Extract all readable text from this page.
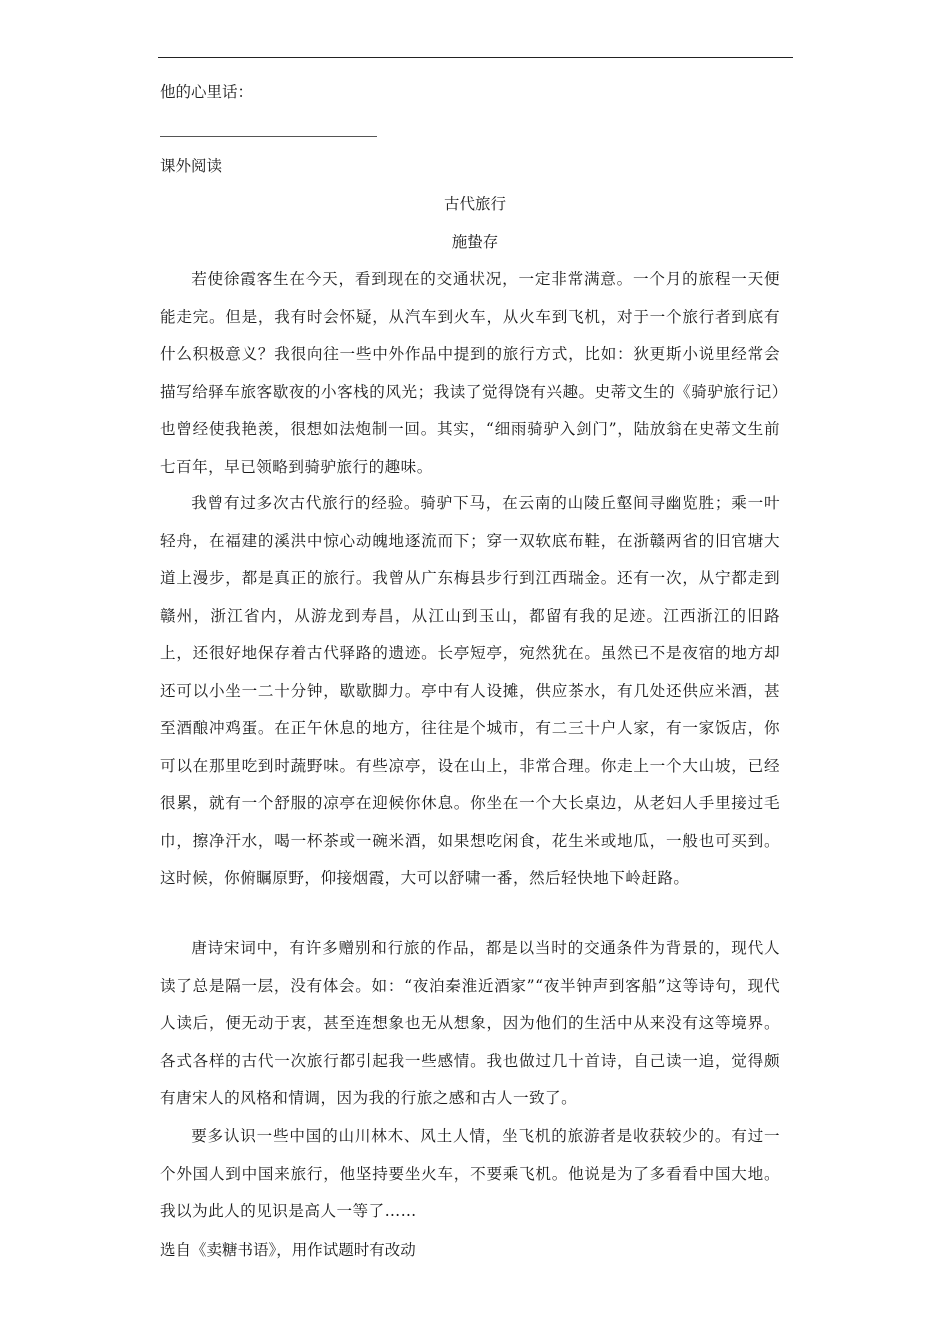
他的心里话：
课外阅读
古代旅行
施蛰存
若使徐霞客生在今天，看到现在的交通状况，一定非常满意。一个月的旅程一天便能走完。但是，我有时会怀疑，从汽车到火车，从火车到飞机，对于一个旅行者到底有什么积极意义？我很向往一些中外作品中提到的旅行方式，比如：狄更斯小说里经常会描写给驿车旅客歇夜的小客栈的风光；我读了觉得饶有兴趣。史蒂文生的《骑驴旅行记）也曾经使我艳羡，很想如法炮制一回。其实，“细雨骑驴入剑门”，陆放翁在史蒂文生前七百年，早已领略到骑驴旅行的趣味。
我曾有过多次古代旅行的经验。骑驴下马，在云南的山陵丘壑间寻幽览胜；乘一叶轻舟，在福建的溪洪中惊心动魄地逐流而下；穿一双软底布鞋，在浙赣两省的旧官塘大道上漫步，都是真正的旅行。我曾从广东梅县步行到江西瑞金。还有一次，从宁都走到赣州，浙江省内，从游龙到寿昌，从江山到玉山，都留有我的足迹。江西浙江的旧路上，还很好地保存着古代驿路的遗迹。长亭短亭，宛然犹在。虽然已不是夜宿的地方却还可以小坐一二十分钟，歇歇脚力。亭中有人设摊，供应茶水，有几处还供应米酒，甚至酒酿冲鸡蛋。在正午休息的地方，往往是个城市，有二三十户人家，有一家饭店，你可以在那里吃到时蔬野味。有些凉亭，设在山上，非常合理。你走上一个大山坡，已经很累，就有一个舒服的凉亭在迎候你休息。你坐在一个大长桌边，从老妇人手里接过毛巾，擦净汗水，喝一杯茶或一碗米酒，如果想吃闲食，花生米或地瓜，一般也可买到。这时候，你俯瞩原野，仰接烟霞，大可以舒啸一番，然后轻快地下岭赶路。
唐诗宋词中，有许多赠别和行旅的作品，都是以当时的交通条件为背景的，现代人读了总是隔一层，没有体会。如：“夜泊秦淮近酒家”“夜半钟声到客船”这等诗句，现代人读后，便无动于衷，甚至连想象也无从想象，因为他们的生活中从来没有这等境界。各式各样的古代一次旅行都引起我一些感情。我也做过几十首诗，自己读一追，觉得颇有唐宋人的风格和情调，因为我的行旅之感和古人一致了。
要多认识一些中国的山川林木、风土人情，坐飞机的旅游者是收获较少的。有过一个外国人到中国来旅行，他坚持要坐火车，不要乘飞机。他说是为了多看看中国大地。我以为此人的见识是高人一等了……
选自《卖糖书语》，用作试题时有改动
